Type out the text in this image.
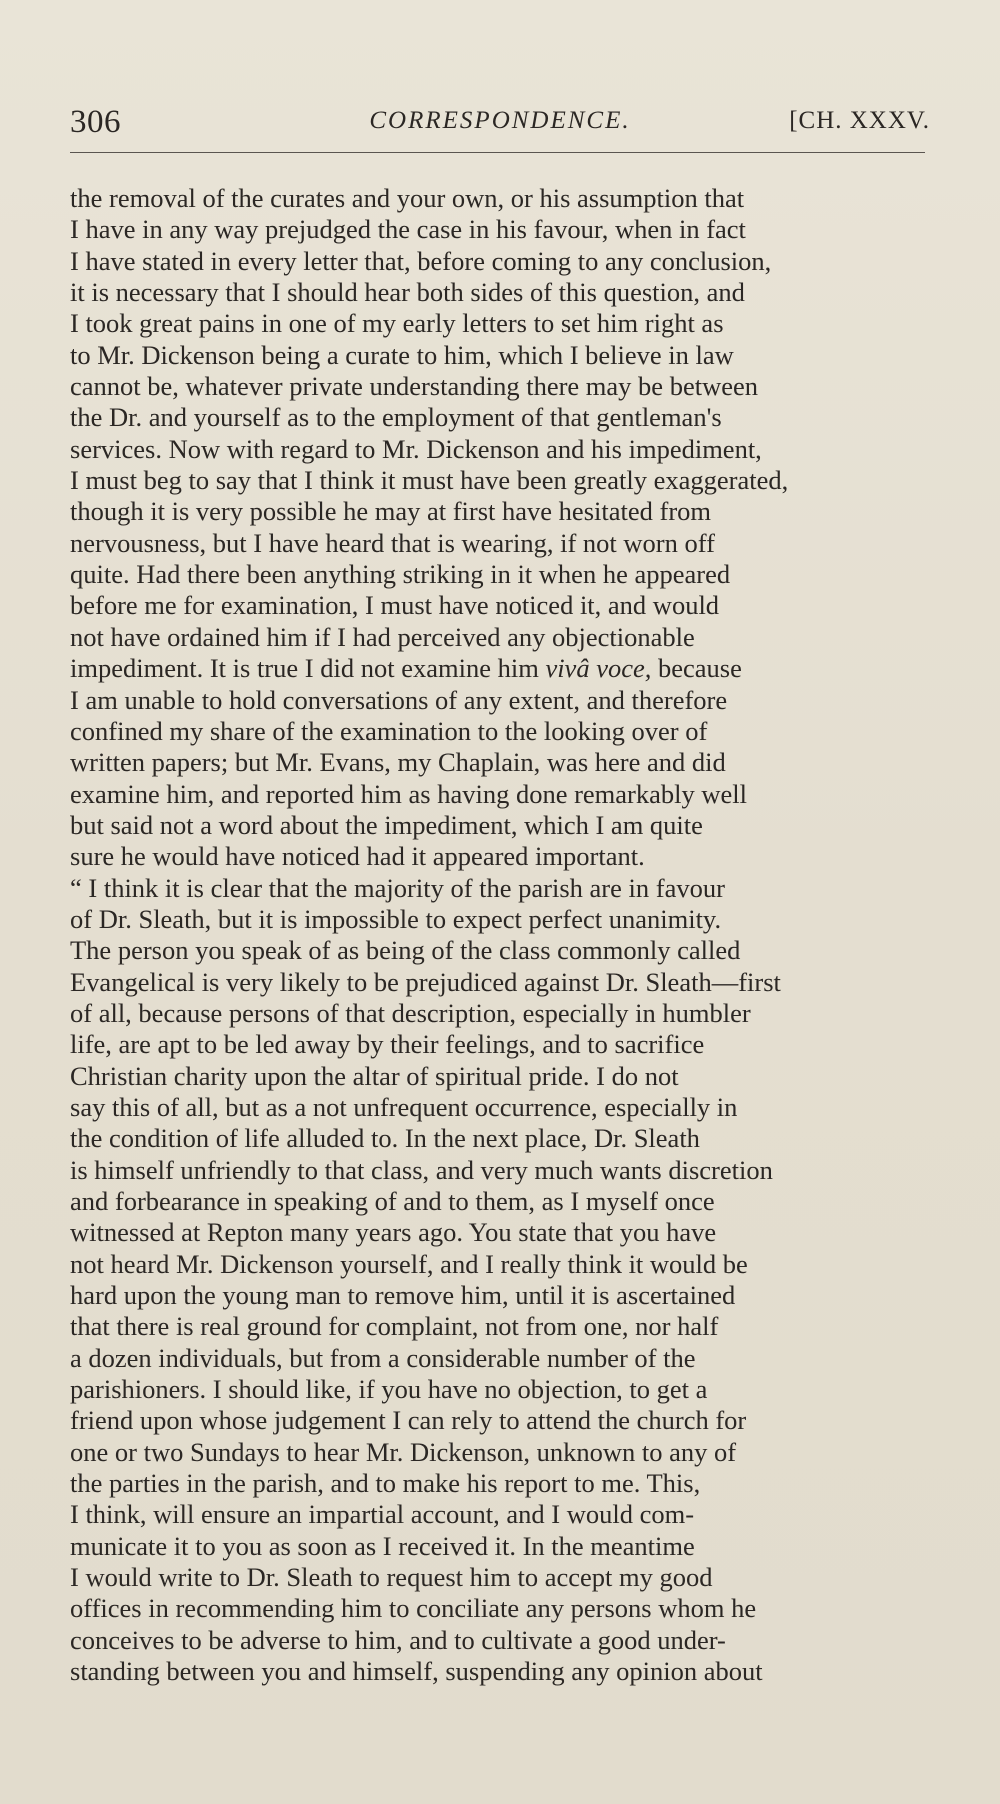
306	CORRESPONDENCE.	[CH. XXXV.
the removal of the curates and your own, or his assumption that
I have in any way prejudged the case in his favour, when in fact
I have stated in every letter that, before coming to any conclusion,
it is necessary that I should hear both sides of this question, and
I took great pains in one of my early letters to set him right as
to Mr. Dickenson being a curate to him, which I believe in law
cannot be, whatever private understanding there may be between
the Dr. and yourself as to the employment of that gentleman's
services. Now with regard to Mr. Dickenson and his impediment,
I must beg to say that I think it must have been greatly exaggerated,
though it is very possible he may at first have hesitated from
nervousness, but I have heard that is wearing, if not worn off
quite. Had there been anything striking in it when he appeared
before me for examination, I must have noticed it, and would
not have ordained him if I had perceived any objectionable
impediment. It is true I did not examine him vivâ voce, because
I am unable to hold conversations of any extent, and therefore
confined my share of the examination to the looking over of
written papers; but Mr. Evans, my Chaplain, was here and did
examine him, and reported him as having done remarkably well
but said not a word about the impediment, which I am quite
sure he would have noticed had it appeared important.
“ I think it is clear that the majority of the parish are in favour
of Dr. Sleath, but it is impossible to expect perfect unanimity.
The person you speak of as being of the class commonly called
Evangelical is very likely to be prejudiced against Dr. Sleath—first
of all, because persons of that description, especially in humbler
life, are apt to be led away by their feelings, and to sacrifice
Christian charity upon the altar of spiritual pride. I do not
say this of all, but as a not unfrequent occurrence, especially in
the condition of life alluded to. In the next place, Dr. Sleath
is himself unfriendly to that class, and very much wants discretion
and forbearance in speaking of and to them, as I myself once
witnessed at Repton many years ago. You state that you have
not heard Mr. Dickenson yourself, and I really think it would be
hard upon the young man to remove him, until it is ascertained
that there is real ground for complaint, not from one, nor half
a dozen individuals, but from a considerable number of the
parishioners. I should like, if you have no objection, to get a
friend upon whose judgement I can rely to attend the church for
one or two Sundays to hear Mr. Dickenson, unknown to any of
the parties in the parish, and to make his report to me. This,
I think, will ensure an impartial account, and I would com-
municate it to you as soon as I received it. In the meantime
I would write to Dr. Sleath to request him to accept my good
offices in recommending him to conciliate any persons whom he
conceives to be adverse to him, and to cultivate a good under-
standing between you and himself, suspending any opinion about
